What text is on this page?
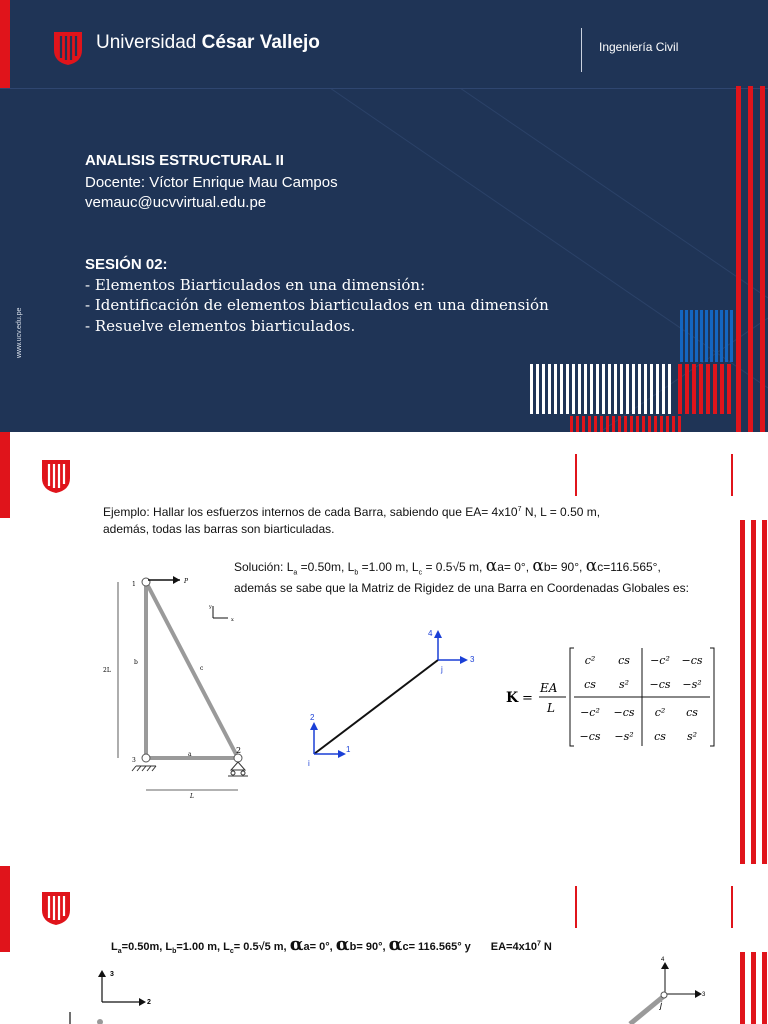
Universidad César Vallejo	Ingeniería Civil
ANALISIS ESTRUCTURAL II
Docente: Víctor Enrique Mau Campos
vemauc@ucvvirtual.edu.pe
SESIÓN 02:
- Elementos Biarticulados en una dimensión:
- Identificación de elementos biarticulados en una dimensión
- Resuelve elementos biarticulados.
www.ucv.edu.pe
Ejemplo: Hallar los esfuerzos internos de cada Barra, sabiendo que $EA= 4x10^7$ N, L = 0.50 m,
además, todas las barras son biarticuladas.
Solución: $L_a =0.50m$, $L_b =1.00$ m, $L_c = 0.5√5$ m, αa= 0°, αb= 90°, αc=116.565°,
además se sabe que la Matriz de Rigidez de una Barra en Coordenadas Globales es:
1
3
2
P
b
c
a
2L
L
y
x
2
1
4
3
i
j
K =
EA
L
c² cs −c² −cs
cs s² −cs −s²
−c² −cs c² cs
−cs −s² cs s²
3
2
4
3
j
$L_a=0.50m$, $L_b=1.00$ m, $L_c= 0.5√5$ m, αa= 0°, αb= 90°, αc= 116.565° y $EA=4x10^7$ N
